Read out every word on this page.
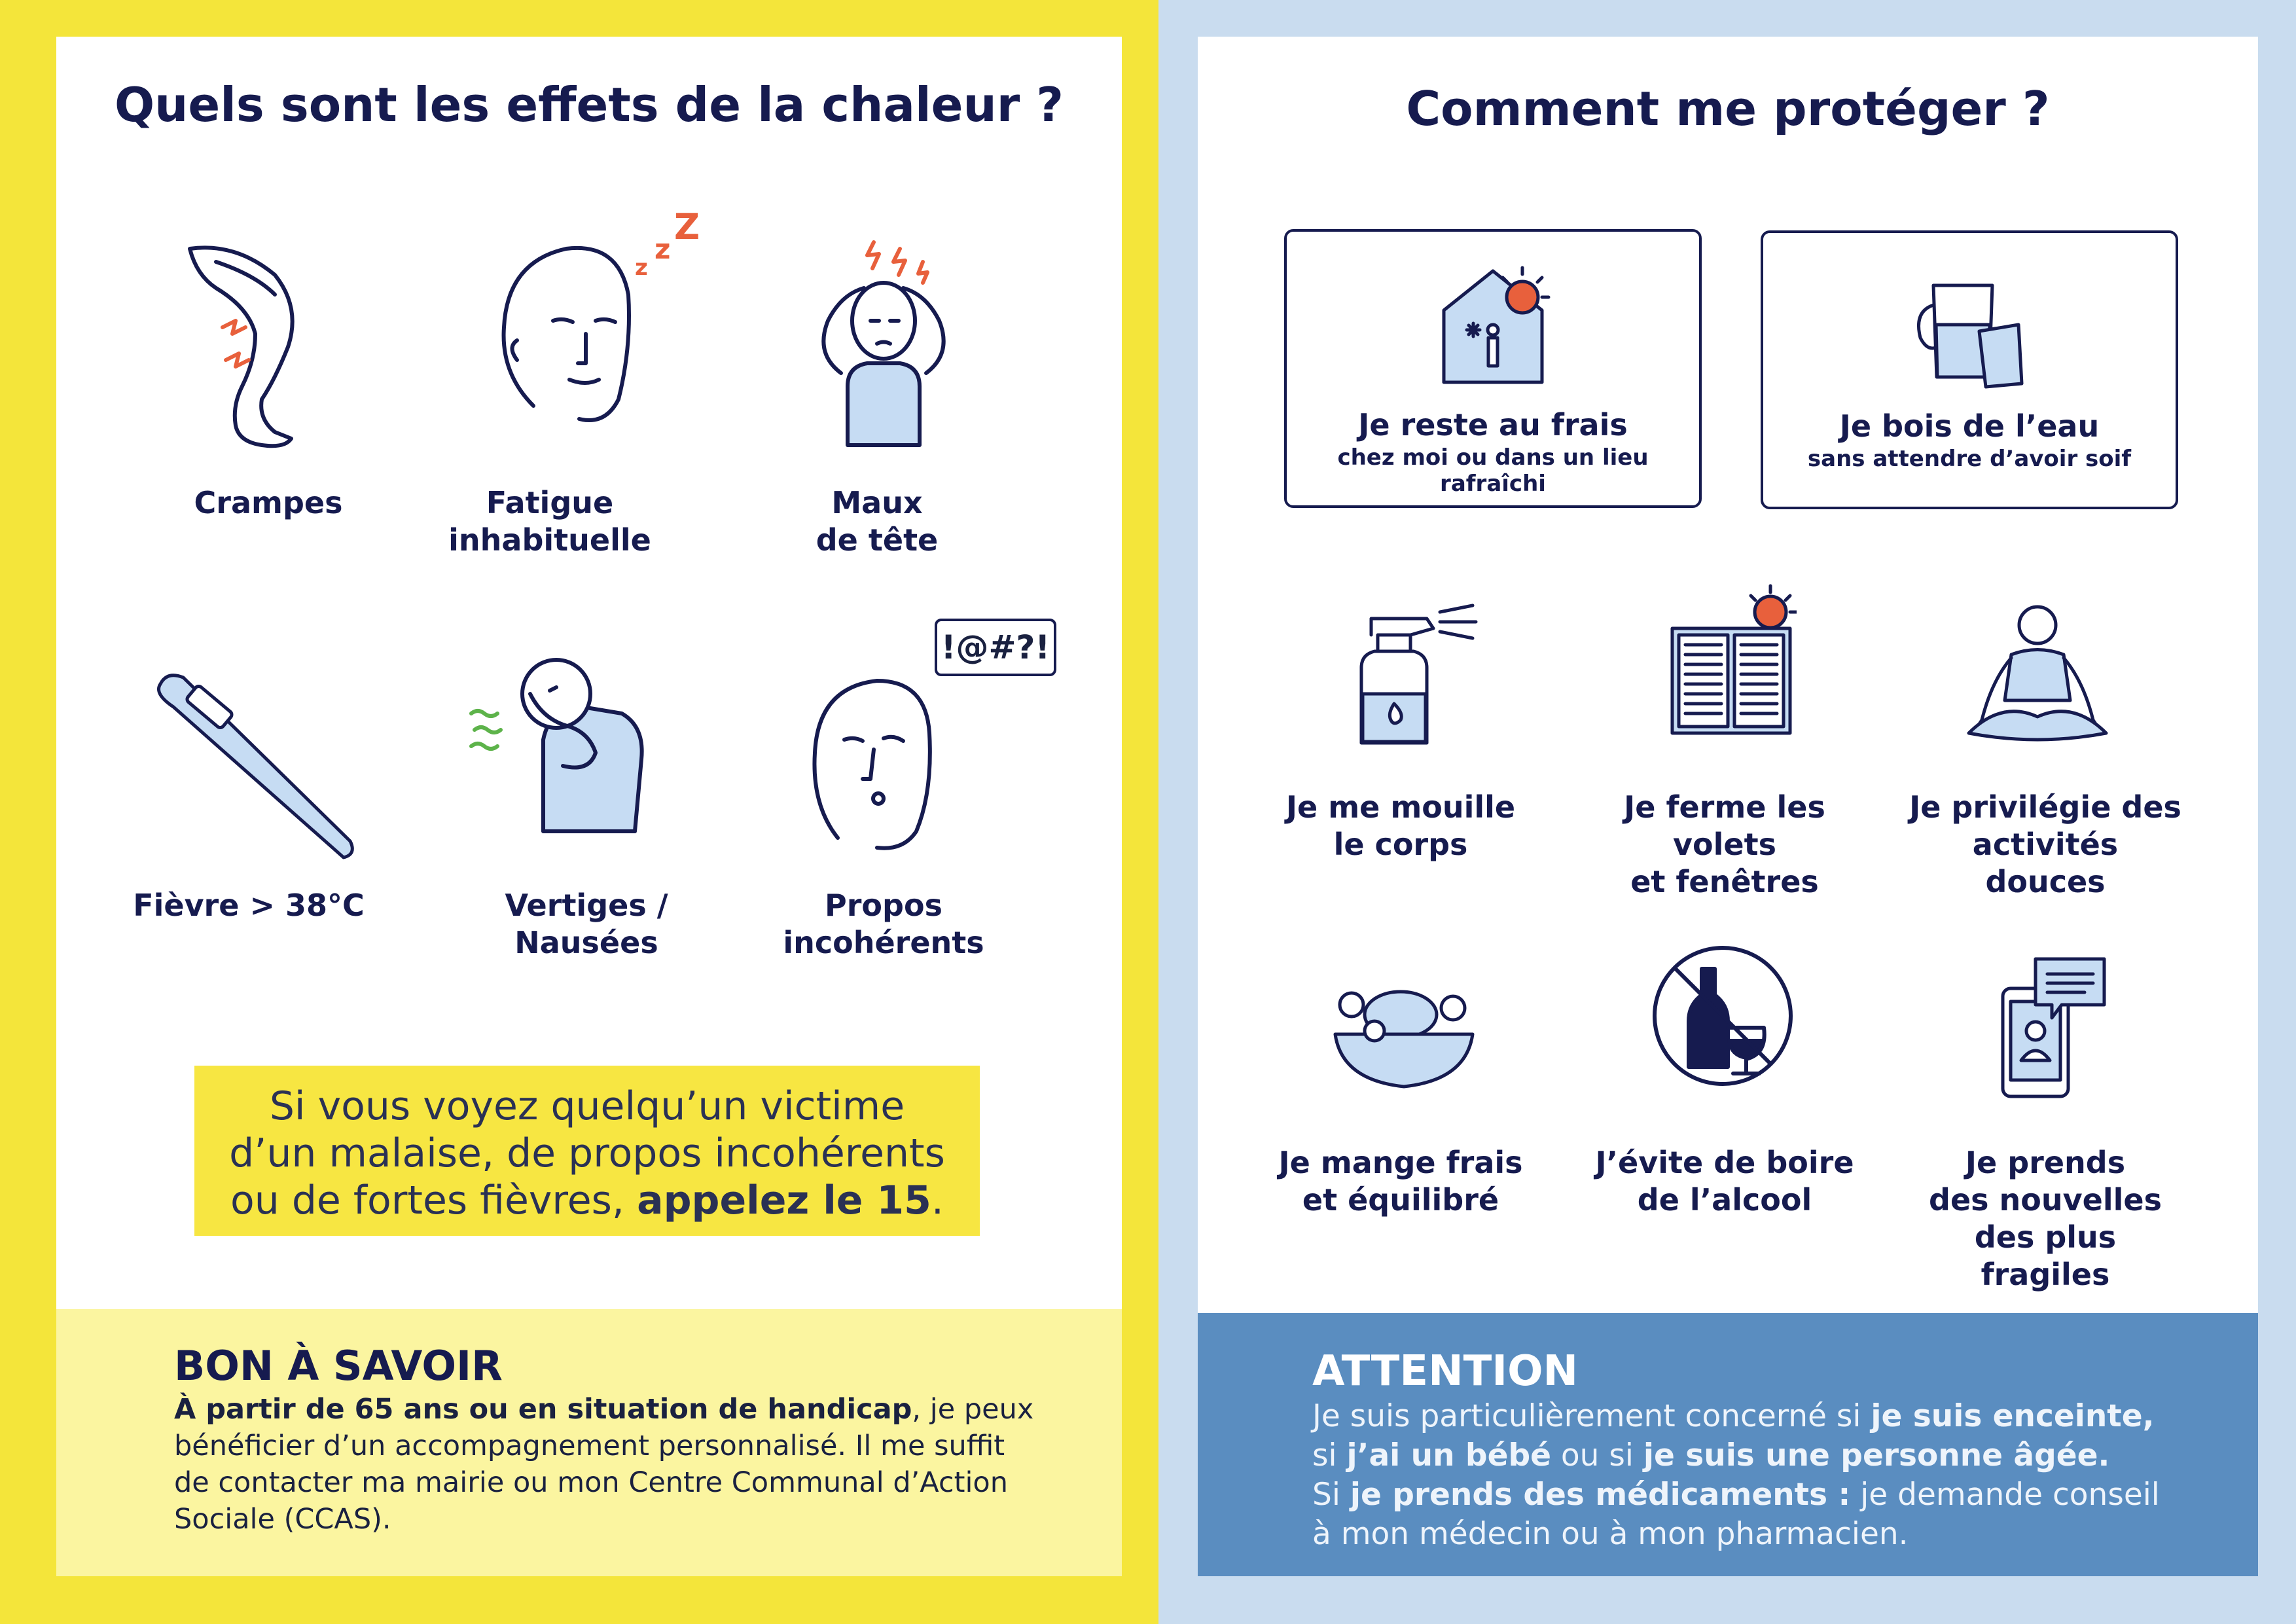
Quels sont les effets de la chaleur ?
z
z
Z
Crampes	Fatigue
inhabituelle
Maux
de tête
!@#?!
Fièvre > 38°C	Vertiges /
Nausées
Propos
incohérents

Si vous voyez quelqu’un victime
d’un malaise, de propos incohérents
ou de fortes fièvres, appelez le 15.

BON À SAVOIR
À partir de 65 ans ou en situation de handicap, je peux
bénéficier d’un accompagnement personnalisé. Il me suffit
de contacter ma mairie ou mon Centre Communal d’Action
Sociale (CCAS).
Comment me protéger ?
Je reste au frais
chez moi ou dans un lieu rafraîchi
Je bois de l’eau
sans attendre d’avoir soif
Je me mouille
le corps
Je ferme les volets
et fenêtres
Je privilégie des
activités douces
Je mange frais
et équilibré
J’évite de boire
de l’alcool
Je prends
des nouvelles
des plus fragiles
ATTENTION
Je suis particulièrement concerné si je suis enceinte,
si j’ai un bébé ou si je suis une personne âgée.
Si je prends des médicaments : je demande conseil
à mon médecin ou à mon pharmacien.
